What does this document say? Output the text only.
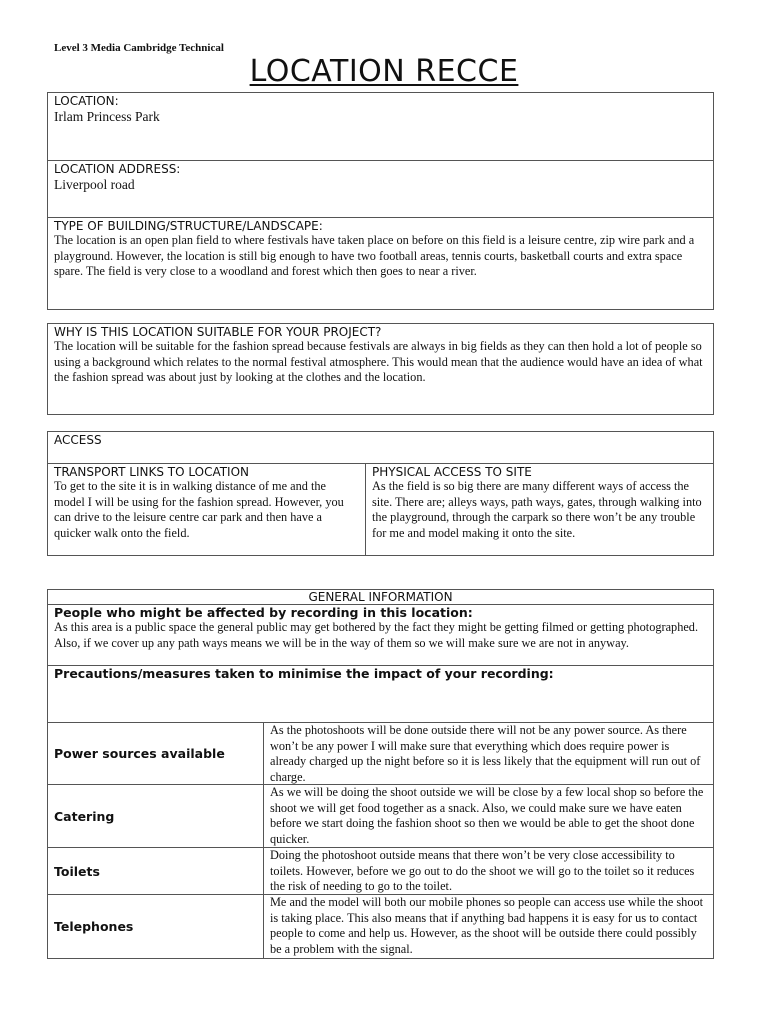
Level 3 Media Cambridge Technical
LOCATION RECCE
LOCATION:
Irlam Princess Park
LOCATION ADDRESS:
Liverpool road
TYPE OF BUILDING/STRUCTURE/LANDSCAPE:
The location is an open plan field to where festivals have taken place on before on this field is a leisure centre, zip wire park and a playground. However, the location is still big enough to have two football areas, tennis courts, basketball courts and extra space spare. The field is very close to a woodland and forest which then goes to near a river.
WHY IS THIS LOCATION SUITABLE FOR YOUR PROJECT?
The location will be suitable for the fashion spread because festivals are always in big fields as they can then hold a lot of people so using a background which relates to the normal festival atmosphere. This would mean that the audience would have an idea of what the fashion spread was about just by looking at the clothes and the location.
ACCESS
TRANSPORT LINKS TO LOCATION
To get to the site it is in walking distance of me and the model I will be using for the fashion spread. However, you can drive to the leisure centre car park and then have a quicker walk onto the field.
PHYSICAL ACCESS TO SITE
As the field is so big there are many different ways of access the site. There are; alleys ways, path ways, gates, through walking into the playground, through the carpark so there won’t be any trouble for me and model making it onto the site.
GENERAL INFORMATION
People who might be affected by recording in this location:
As this area is a public space the general public may get bothered by the fact they might be getting filmed or getting photographed. Also, if we cover up any path ways means we will be in the way of them so we will make sure we are not in anyway.
Precautions/measures taken to minimise the impact of your recording:
Power sources available
As the photoshoots will be done outside there will not be any power source. As there won’t be any power I will make sure that everything which does require power is already charged up the night before so it is less likely that the equipment will run out of charge.
Catering
As we will be doing the shoot outside we will be close by a few local shop so before the shoot we will get food together as a snack. Also, we could make sure we have eaten before we start doing the fashion shoot so then we would be able to get the shoot done quicker.
Toilets
Doing the photoshoot outside means that there won’t be very close accessibility to toilets. However, before we go out to do the shoot we will go to the toilet so it reduces the risk of needing to go to the toilet.
Telephones
Me and the model will both our mobile phones so people can access use while the shoot is taking place. This also means that if anything bad happens it is easy for us to contact people to come and help us. However, as the shoot will be outside there could possibly be a problem with the signal.
